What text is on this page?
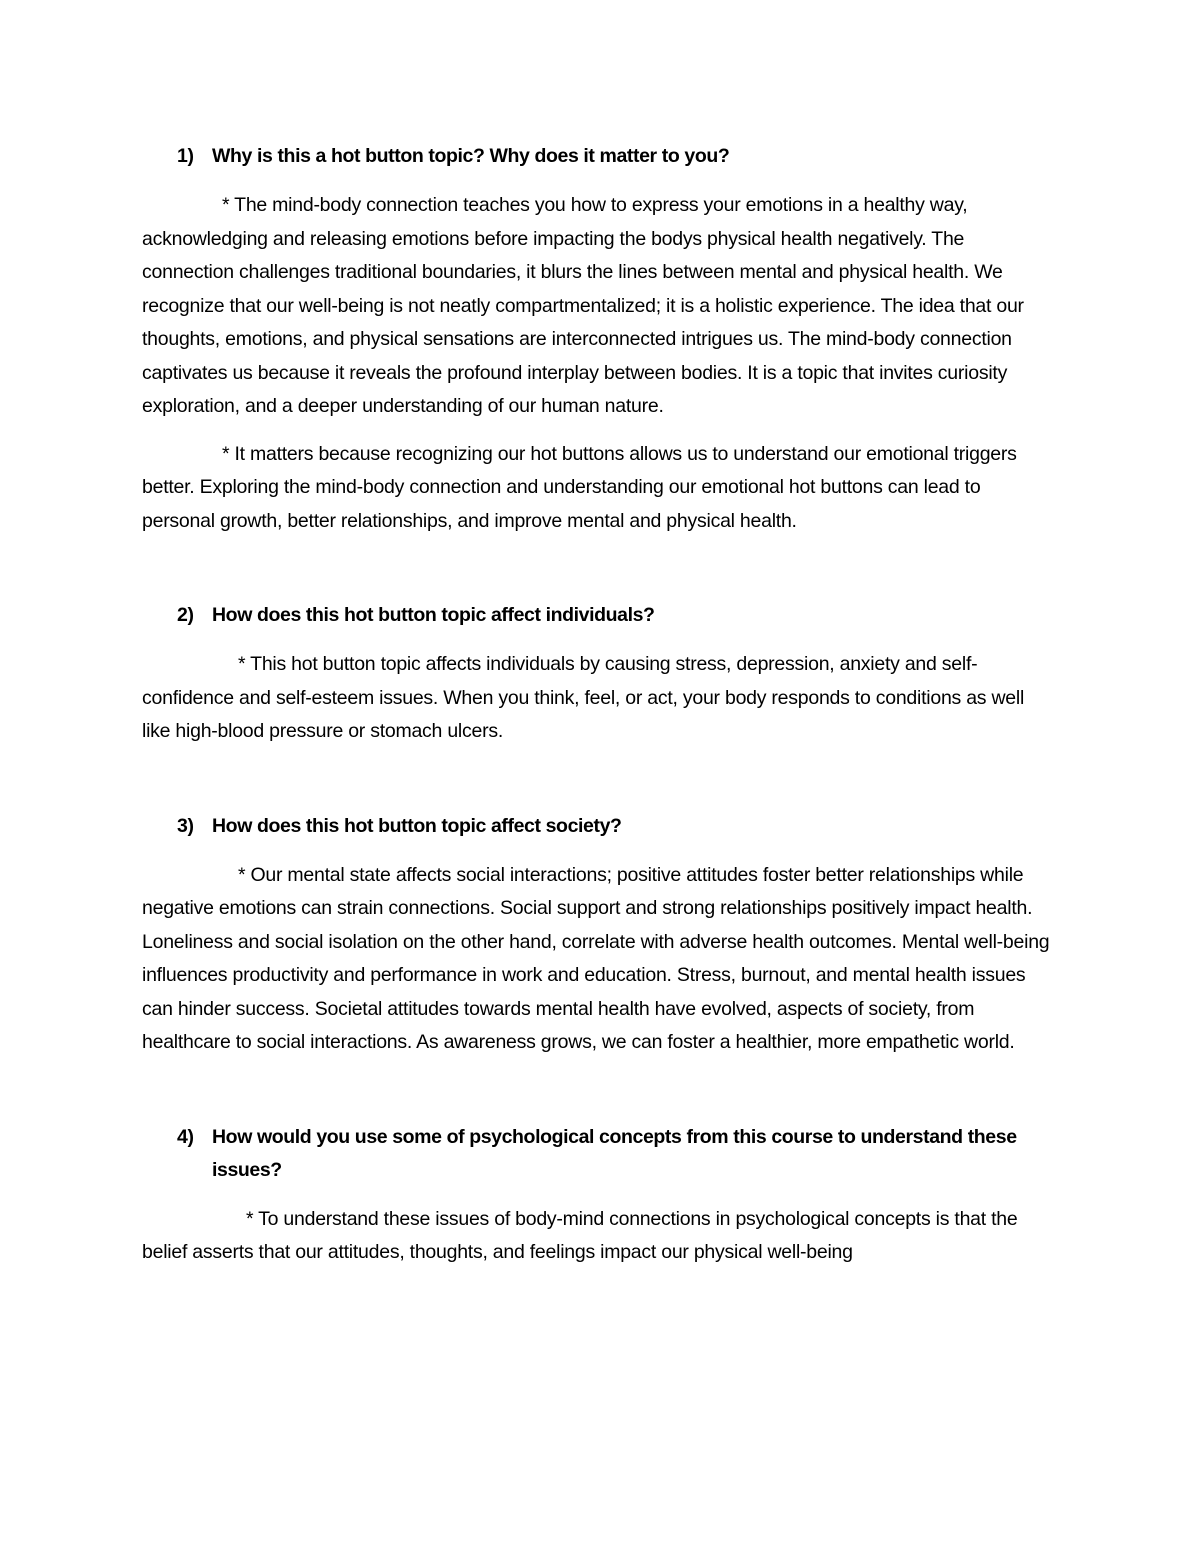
1) Why is this a hot button topic? Why does it matter to you?

* The mind-body connection teaches you how to express your emotions in a healthy way, acknowledging and releasing emotions before impacting the bodys physical health negatively. The connection challenges traditional boundaries, it blurs the lines between mental and physical health. We recognize that our well-being is not neatly compartmentalized; it is a holistic experience. The idea that our thoughts, emotions, and physical sensations are interconnected intrigues us. The mind-body connection captivates us because it reveals the profound interplay between bodies. It is a topic that invites curiosity exploration, and a deeper understanding of our human nature.

* It matters because recognizing our hot buttons allows us to understand our emotional triggers better. Exploring the mind-body connection and understanding our emotional hot buttons can lead to personal growth, better relationships, and improve mental and physical health.

2) How does this hot button topic affect individuals?

* This hot button topic affects individuals by causing stress, depression, anxiety and self-confidence and self-esteem issues. When you think, feel, or act, your body responds to conditions as well like high-blood pressure or stomach ulcers.

3) How does this hot button topic affect society?

* Our mental state affects social interactions; positive attitudes foster better relationships while negative emotions can strain connections. Social support and strong relationships positively impact health. Loneliness and social isolation on the other hand, correlate with adverse health outcomes. Mental well-being influences productivity and performance in work and education. Stress, burnout, and mental health issues can hinder success. Societal attitudes towards mental health have evolved, aspects of society, from healthcare to social interactions. As awareness grows, we can foster a healthier, more empathetic world.

4) How would you use some of psychological concepts from this course to understand these issues?

* To understand these issues of body-mind connections in psychological concepts is that the belief asserts that our attitudes, thoughts, and feelings impact our physical well-being
